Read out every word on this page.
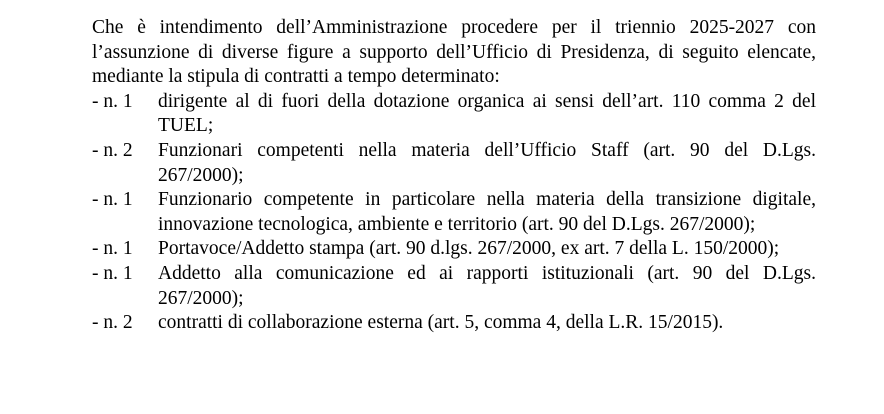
Che è intendimento dell’Amministrazione procedere per il triennio 2025-2027 con l’assunzione di diverse figure a supporto dell’Ufficio di Presidenza, di seguito elencate, mediante la stipula di contratti a tempo determinato:

- n. 1	dirigente al di fuori della dotazione organica ai sensi dell’art. 110 comma 2 del TUEL;
- n. 2	Funzionari competenti nella materia dell’Ufficio Staff (art. 90 del D.Lgs. 267/2000);
- n. 1	Funzionario competente in particolare nella materia della transizione digitale, innovazione tecnologica, ambiente e territorio (art. 90 del D.Lgs. 267/2000);
- n. 1	Portavoce/Addetto stampa (art. 90 d.lgs. 267/2000, ex art. 7 della L. 150/2000);
- n. 1	Addetto alla comunicazione ed ai rapporti istituzionali (art. 90 del D.Lgs. 267/2000);
- n. 2	contratti di collaborazione esterna (art. 5, comma 4, della L.R. 15/2015).
